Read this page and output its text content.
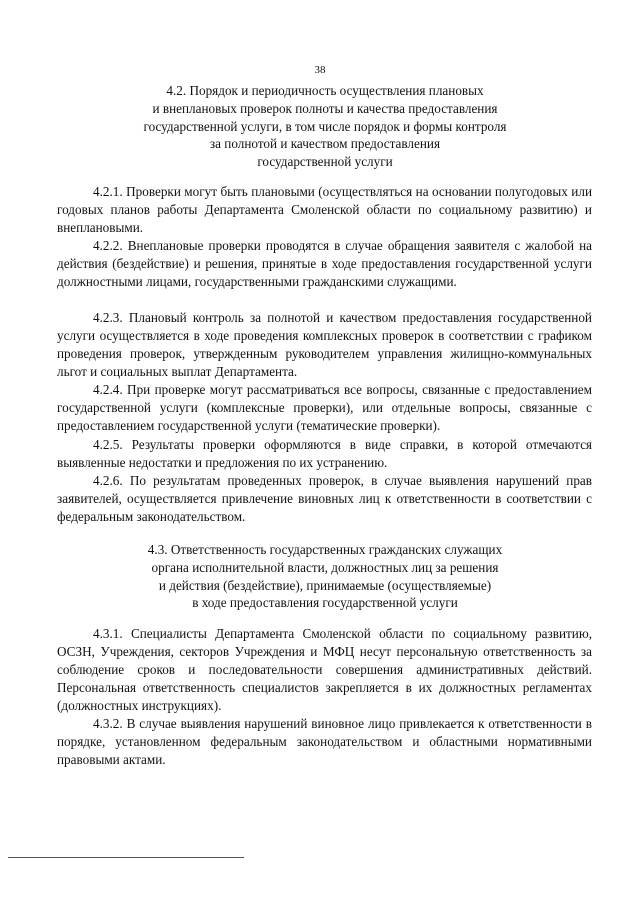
38
4.2. Порядок и периодичность осуществления плановых
и внеплановых проверок полноты и качества предоставления
государственной услуги, в том числе порядок и формы контроля
за полнотой и качеством предоставления
государственной услуги
4.2.1. Проверки могут быть плановыми (осуществляться на основании полугодовых или годовых планов работы Департамента Смоленской области по социальному развитию) и внеплановыми.
4.2.2. Внеплановые проверки проводятся в случае обращения заявителя с жалобой на действия (бездействие) и решения, принятые в ходе предоставления государственной услуги должностными лицами, государственными гражданскими служащими.
4.2.3. Плановый контроль за полнотой и качеством предоставления государственной услуги осуществляется в ходе проведения комплексных проверок в соответствии с графиком проведения проверок, утвержденным руководителем управления жилищно-коммунальных льгот и социальных выплат Департамента.
4.2.4. При проверке могут рассматриваться все вопросы, связанные с предоставлением государственной услуги (комплексные проверки), или отдельные вопросы, связанные с предоставлением государственной услуги (тематические проверки).
4.2.5. Результаты проверки оформляются в виде справки, в которой отмечаются выявленные недостатки и предложения по их устранению.
4.2.6. По результатам проведенных проверок, в случае выявления нарушений прав заявителей, осуществляется привлечение виновных лиц к ответственности в соответствии с федеральным законодательством.
4.3. Ответственность государственных гражданских служащих
органа исполнительной власти, должностных лиц за решения
и действия (бездействие), принимаемые (осуществляемые)
в ходе предоставления государственной услуги
4.3.1. Специалисты Департамента Смоленской области по социальному развитию, ОСЗН, Учреждения, секторов Учреждения и МФЦ несут персональную ответственность за соблюдение сроков и последовательности совершения административных действий. Персональная ответственность специалистов закрепляется в их должностных регламентах (должностных инструкциях).
4.3.2. В случае выявления нарушений виновное лицо привлекается к ответственности в порядке, установленном федеральным законодательством и областными нормативными правовыми актами.
